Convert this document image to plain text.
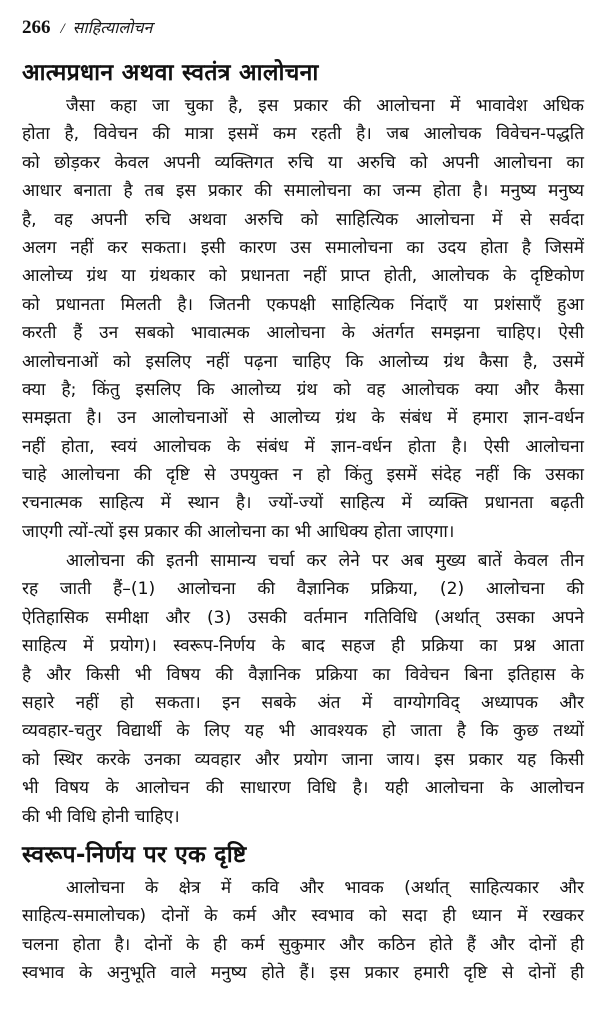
266 / साहित्यालोचन
आत्मप्रधान अथवा स्वतंत्र आलोचना
जैसा कहा जा चुका है, इस प्रकार की आलोचना में भावावेश अधिक
होता है, विवेचन की मात्रा इसमें कम रहती है। जब आलोचक विवेचन-पद्धति
को छोड़कर केवल अपनी व्यक्तिगत रुचि या अरुचि को अपनी आलोचना का
आधार बनाता है तब इस प्रकार की समालोचना का जन्म होता है। मनुष्य मनुष्य
है, वह अपनी रुचि अथवा अरुचि को साहित्यिक आलोचना में से सर्वदा
अलग नहीं कर सकता। इसी कारण उस समालोचना का उदय होता है जिसमें
आलोच्य ग्रंथ या ग्रंथकार को प्रधानता नहीं प्राप्त होती, आलोचक के दृष्टिकोण
को प्रधानता मिलती है। जितनी एकपक्षी साहित्यिक निंदाएँ या प्रशंसाएँ हुआ
करती हैं उन सबको भावात्मक आलोचना के अंतर्गत समझना चाहिए। ऐसी
आलोचनाओं को इसलिए नहीं पढ़ना चाहिए कि आलोच्य ग्रंथ कैसा है, उसमें
क्या है; किंतु इसलिए कि आलोच्य ग्रंथ को वह आलोचक क्या और कैसा
समझता है। उन आलोचनाओं से आलोच्य ग्रंथ के संबंध में हमारा ज्ञान-वर्धन
नहीं होता, स्वयं आलोचक के संबंध में ज्ञान-वर्धन होता है। ऐसी आलोचना
चाहे आलोचना की दृष्टि से उपयुक्त न हो किंतु इसमें संदेह नहीं कि उसका
रचनात्मक साहित्य में स्थान है। ज्यों-ज्यों साहित्य में व्यक्ति प्रधानता बढ़ती
जाएगी त्यों-त्यों इस प्रकार की आलोचना का भी आधिक्य होता जाएगा।
आलोचना की इतनी सामान्य चर्चा कर लेने पर अब मुख्य बातें केवल तीन
रह जाती हैं–(1) आलोचना की वैज्ञानिक प्रक्रिया, (2) आलोचना की
ऐतिहासिक समीक्षा और (3) उसकी वर्तमान गतिविधि (अर्थात् उसका अपने
साहित्य में प्रयोग)। स्वरूप-निर्णय के बाद सहज ही प्रक्रिया का प्रश्न आता
है और किसी भी विषय की वैज्ञानिक प्रक्रिया का विवेचन बिना इतिहास के
सहारे नहीं हो सकता। इन सबके अंत में वाग्योगविद् अध्यापक और
व्यवहार-चतुर विद्यार्थी के लिए यह भी आवश्यक हो जाता है कि कुछ तथ्यों
को स्थिर करके उनका व्यवहार और प्रयोग जाना जाय। इस प्रकार यह किसी
भी विषय के आलोचन की साधारण विधि है। यही आलोचना के आलोचन
की भी विधि होनी चाहिए।
स्वरूप-निर्णय पर एक दृष्टि
आलोचना के क्षेत्र में कवि और भावक (अर्थात् साहित्यकार और
साहित्य-समालोचक) दोनों के कर्म और स्वभाव को सदा ही ध्यान में रखकर
चलना होता है। दोनों के ही कर्म सुकुमार और कठिन होते हैं और दोनों ही
स्वभाव के अनुभूति वाले मनुष्य होते हैं। इस प्रकार हमारी दृष्टि से दोनों ही
